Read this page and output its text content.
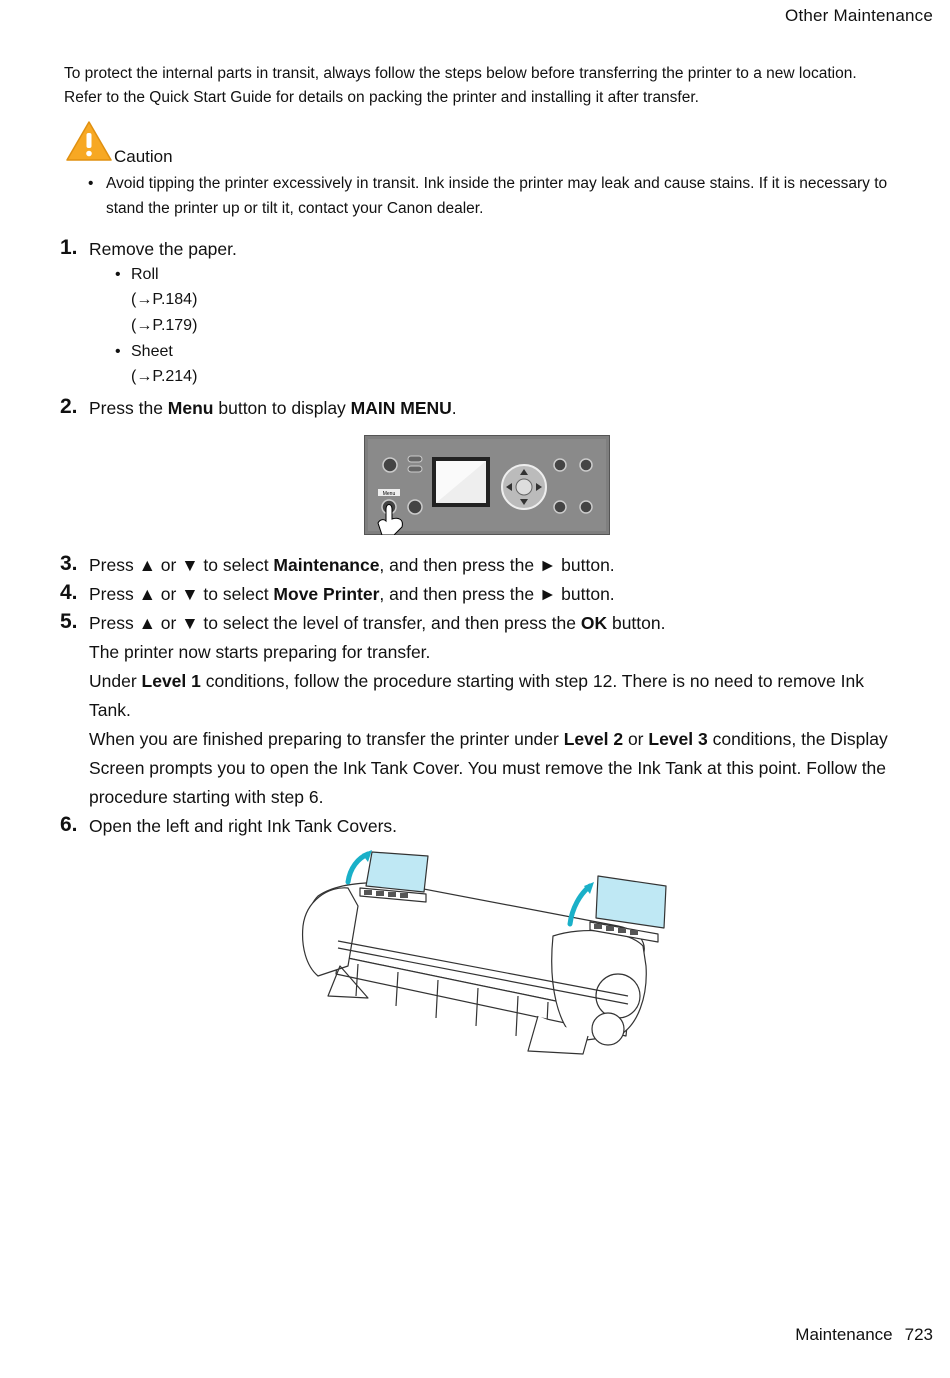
Other Maintenance
To protect the internal parts in transit, always follow the steps below before transferring the printer to a new location. Refer to the Quick Start Guide for details on packing the printer and installing it after transfer.
Caution
• Avoid tipping the printer excessively in transit. Ink inside the printer may leak and cause stains. If it is necessary to stand the printer up or tilt it, contact your Canon dealer.
1. Remove the paper.
• Roll
(→P.184)
(→P.179)
• Sheet
(→P.214)
2. Press the Menu button to display MAIN MENU.
Menu
3. Press ▲ or ▼ to select Maintenance, and then press the ► button.
4. Press ▲ or ▼ to select Move Printer, and then press the ► button.
5. Press ▲ or ▼ to select the level of transfer, and then press the OK button.
The printer now starts preparing for transfer.
Under Level 1 conditions, follow the procedure starting with step 12. There is no need to remove Ink Tank.
When you are finished preparing to transfer the printer under Level 2 or Level 3 conditions, the Display Screen prompts you to open the Ink Tank Cover. You must remove the Ink Tank at this point. Follow the procedure starting with step 6.
6. Open the left and right Ink Tank Covers.
Maintenance 723
